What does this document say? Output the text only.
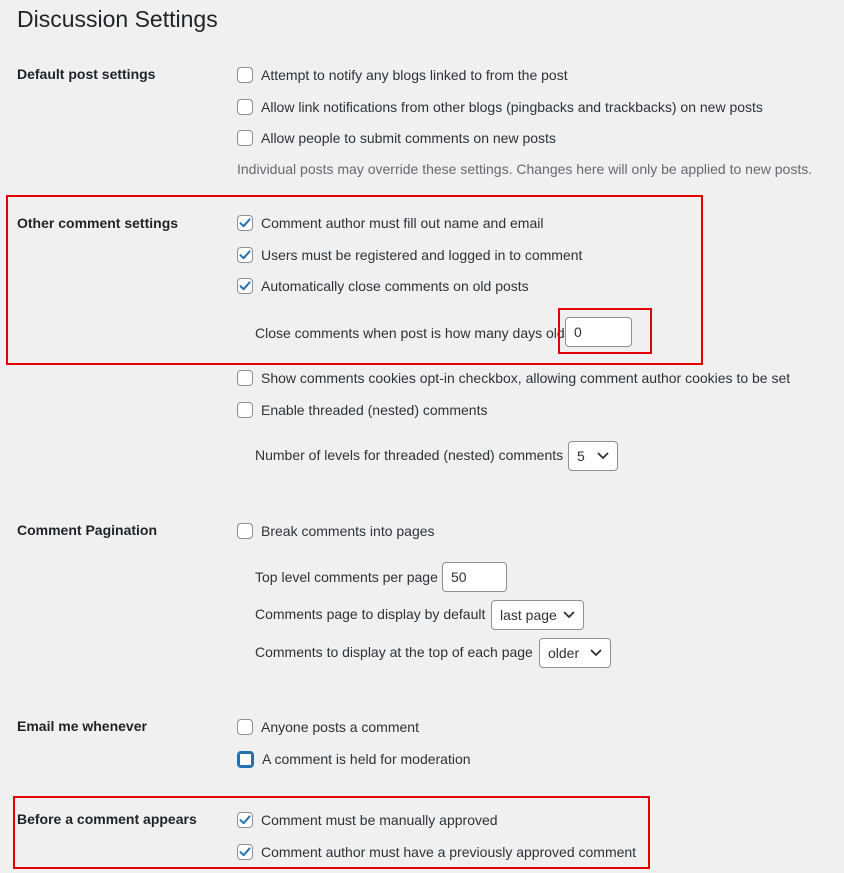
Discussion Settings
Default post settings	Attempt to notify any blogs linked to from the post
Allow link notifications from other blogs (pingbacks and trackbacks) on new posts
Allow people to submit comments on new posts
Individual posts may override these settings. Changes here will only be applied to new posts.
Other comment settings	Comment author must fill out name and email
Users must be registered and logged in to comment
Automatically close comments on old posts
Close comments when post is how many days old 0
Show comments cookies opt-in checkbox, allowing comment author cookies to be set
Enable threaded (nested) comments
Number of levels for threaded (nested) comments 5
Comment Pagination	Break comments into pages
Top level comments per page 50
Comments page to display by default last page
Comments to display at the top of each page older
Email me whenever	Anyone posts a comment
A comment is held for moderation
Before a comment appears	Comment must be manually approved
Comment author must have a previously approved comment
